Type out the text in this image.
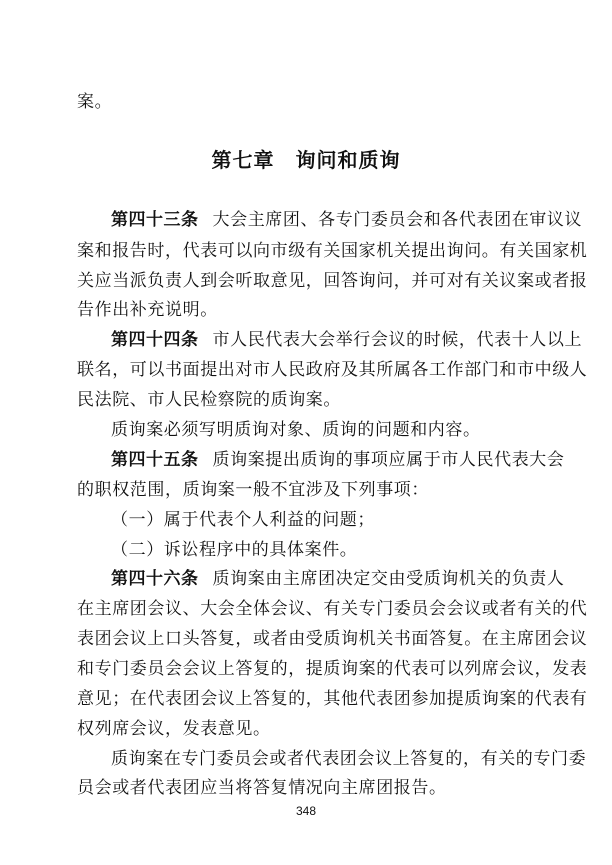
案。
第七章　询问和质询
第四十三条 大会主席团、各专门委员会和各代表团在审议议
案和报告时，代表可以向市级有关国家机关提出询问。有关国家机
关应当派负责人到会听取意见，回答询问，并可对有关议案或者报
告作出补充说明。
第四十四条 市人民代表大会举行会议的时候，代表十人以上
联名，可以书面提出对市人民政府及其所属各工作部门和市中级人
民法院、市人民检察院的质询案。
质询案必须写明质询对象、质询的问题和内容。
第四十五条 质询案提出质询的事项应属于市人民代表大会
的职权范围，质询案一般不宜涉及下列事项：
（一）属于代表个人利益的问题；
（二）诉讼程序中的具体案件。
第四十六条 质询案由主席团决定交由受质询机关的负责人
在主席团会议、大会全体会议、有关专门委员会会议或者有关的代
表团会议上口头答复，或者由受质询机关书面答复。在主席团会议
和专门委员会会议上答复的，提质询案的代表可以列席会议，发表
意见；在代表团会议上答复的，其他代表团参加提质询案的代表有
权列席会议，发表意见。
质询案在专门委员会或者代表团会议上答复的，有关的专门委
员会或者代表团应当将答复情况向主席团报告。
348
